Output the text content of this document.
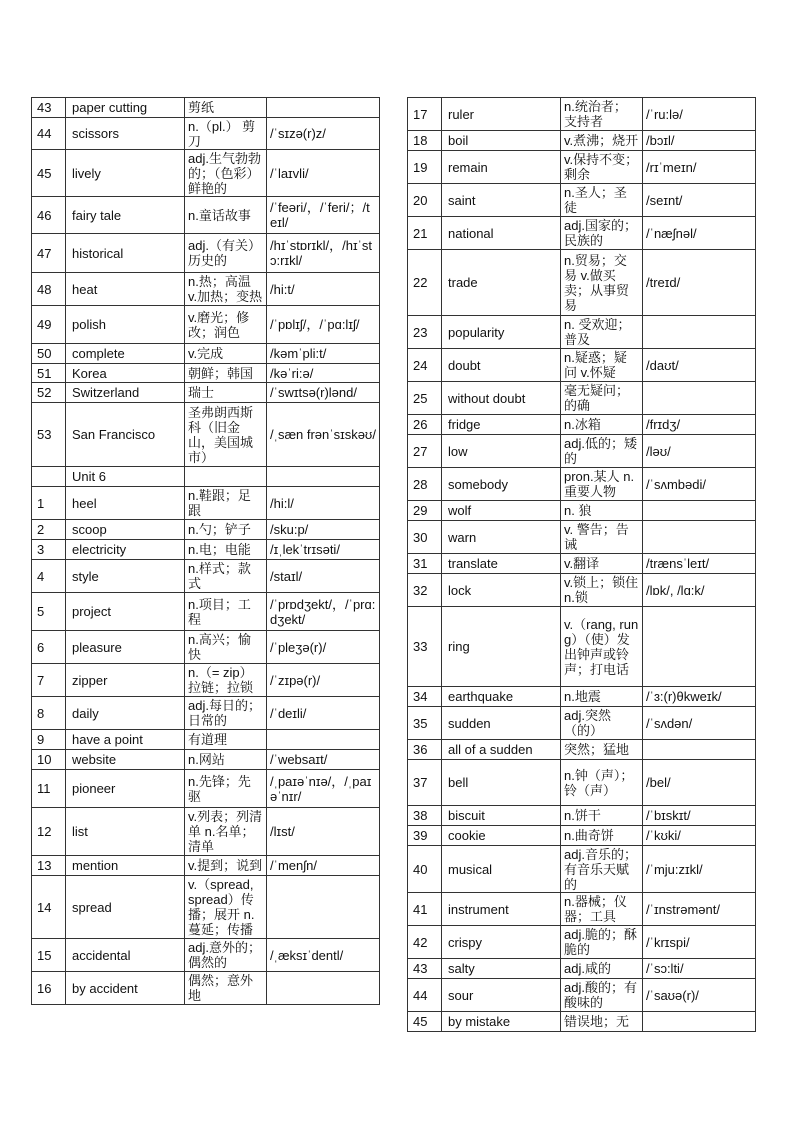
43	paper cutting	剪纸	
44	scissors	n.（pl.） 剪刀	/ˈsɪzə(r)z/
45	lively	adj.生气勃勃的；（色彩）鲜艳的	/ˈlaɪvli/
46	fairy tale	n.童话故事	/ˈfeəri/，/ˈferi/；/teɪl/
47	historical	adj.（有关）历史的	/hɪˈstɒrɪkl/，/hɪˈstɔ:rɪkl/
48	heat	n.热；高温 v.加热；变热	/hi:t/
49	polish	v.磨光；修改；润色	/ˈpɒlɪʃ/，/ˈpɑ:lɪʃ/
50	complete	v.完成	/kəmˈpli:t/
51	Korea	朝鲜；韩国	/kəˈri:ə/
52	Switzerland	瑞士	/ˈswɪtsə(r)lənd/
53	San Francisco	圣弗朗西斯科（旧金山，美国城市）	/ˌsæn frənˈsɪskəʊ/
	Unit 6		
1	heel	n.鞋跟；足跟	/hi:l/
2	scoop	n.勺；铲子	/sku:p/
3	electricity	n.电；电能	/ɪˌlekˈtrɪsəti/
4	style	n.样式；款式	/staɪl/
5	project	n.项目；工程	/ˈprɒdʒekt/，/ˈprɑ:dʒekt/
6	pleasure	n.高兴；愉快	/ˈpleʒə(r)/
7	zipper	n.（= zip）拉链；拉锁	/ˈzɪpə(r)/
8	daily	adj.每日的；日常的	/ˈdeɪli/
9	have a point	有道理	
10	website	n.网站	/ˈwebsaɪt/
11	pioneer	n.先锋；先驱	/ˌpaɪəˈnɪə/，/ˌpaɪəˈnɪr/
12	list	v.列表；列清单 n.名单；清单	/lɪst/
13	mention	v.提到；说到	/ˈmenʃn/
14	spread	v.（spread, spread）传播；展开 n.蔓延；传播	
15	accidental	adj.意外的；偶然的	/ˌæksɪˈdentl/
16	by accident	偶然；意外地	
17	ruler	n.统治者；支持者	/ˈru:lə/
18	boil	v.煮沸；烧开	/bɔɪl/
19	remain	v.保持不变；剩余	/rɪˈmeɪn/
20	saint	n.圣人；圣徒	/seɪnt/
21	national	adj.国家的；民族的	/ˈnæʃnəl/
22	trade	n.贸易；交易 v.做买卖；从事贸易	/treɪd/
23	popularity	n. 受欢迎；普及	
24	doubt	n.疑惑；疑问 v.怀疑	/daʊt/
25	without doubt	毫无疑问；的确	
26	fridge	n.冰箱	/frɪdʒ/
27	low	adj.低的；矮的	/ləʊ/
28	somebody	pron.某人 n.重要人物	/ˈsʌmbədi/
29	wolf	n. 狼	
30	warn	v. 警告；告诫	
31	translate	v.翻译	/trænsˈleɪt/
32	lock	v.锁上；锁住 n.锁	/lɒk/, /lɑ:k/
33	ring	v.（rang, rung）（使）发出钟声或铃声；打电话	
34	earthquake	n.地震	/ˈɜ:(r)θkweɪk/
35	sudden	adj.突然（的）	/ˈsʌdən/
36	all of a sudden	突然；猛地	
37	bell	n.钟（声）；铃（声）	/bel/
38	biscuit	n.饼干	/ˈbɪskɪt/
39	cookie	n.曲奇饼	/ˈkʊki/
40	musical	adj.音乐的；有音乐天赋的	/ˈmju:zɪkl/
41	instrument	n.器械；仪器；工具	/ˈɪnstrəmənt/
42	crispy	adj.脆的；酥脆的	/ˈkrɪspi/
43	salty	adj.咸的	/ˈsɔ:lti/
44	sour	adj.酸的；有酸味的	/ˈsaʊə(r)/
45	by mistake	错误地；无	
